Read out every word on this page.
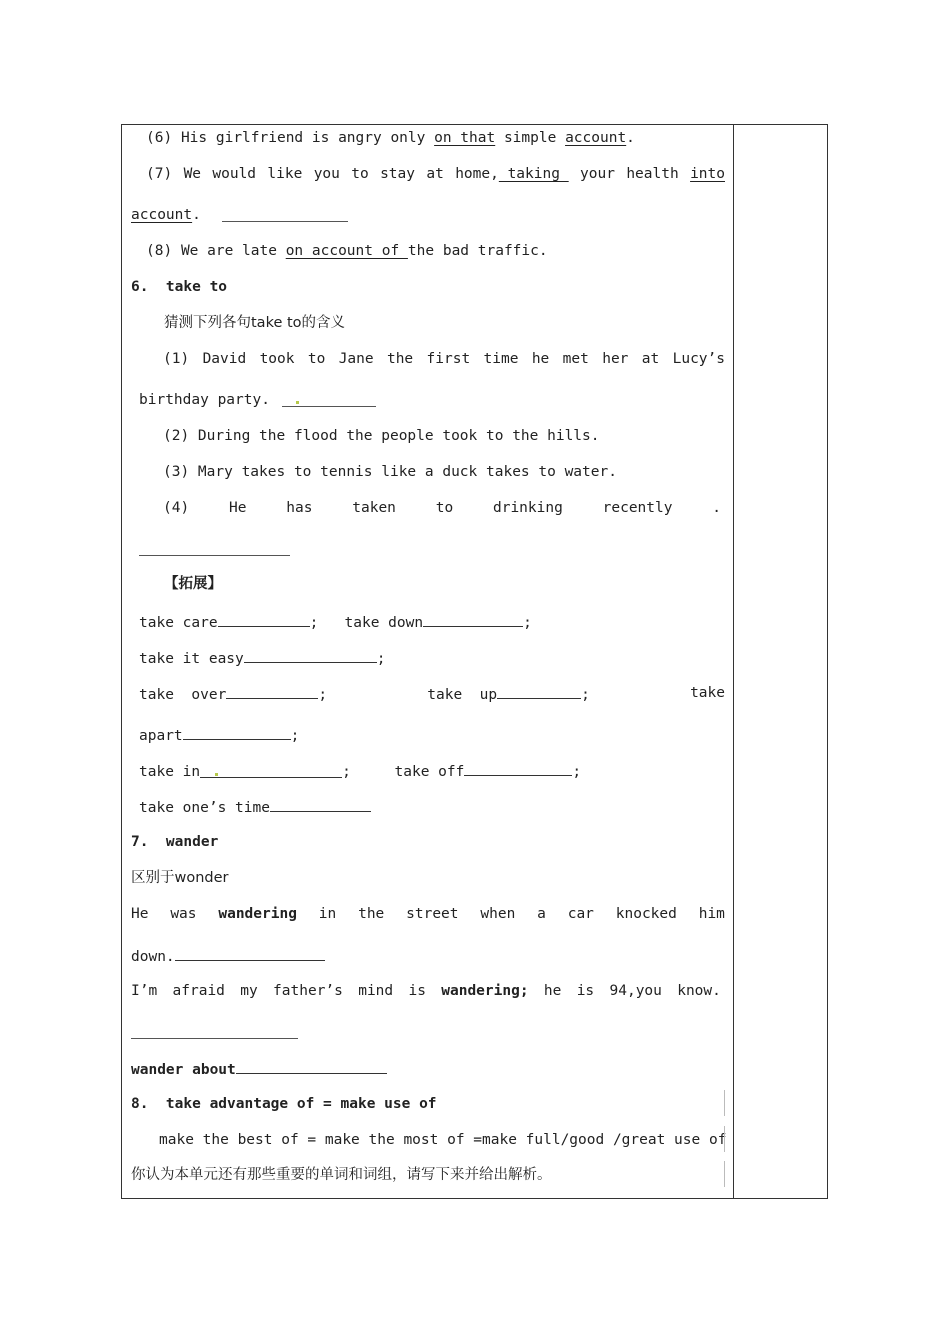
(6) His girlfriend is angry only on that simple account.
(7) We would like you to stay at home, taking your health into
account.
(8) We are late on account of the bad traffic.
6.  take to
猜测下列各句take to的含义
(1) David took to Jane the first time he met her at Lucy’s
birthday party.
(2) During the flood the people took to the hills.
(3) Mary takes to tennis like a duck takes to water.
(4)	He	has	taken	to	drinking	recently	.
【拓展】
take care	;   take down	;
take it easy	;
take  over	;	take  up	;	take
apart	;
take in	;     take off	;
take one’s time
7.  wander
区别于wonder
He was wandering in the street when a car knocked him
down.
I’m afraid my father’s mind is wandering; he is 94,you know.
wander about
8.  take advantage of = make use of
make the best of = make the most of =make full/good /great use of
你认为本单元还有那些重要的单词和词组，请写下来并给出解析。
